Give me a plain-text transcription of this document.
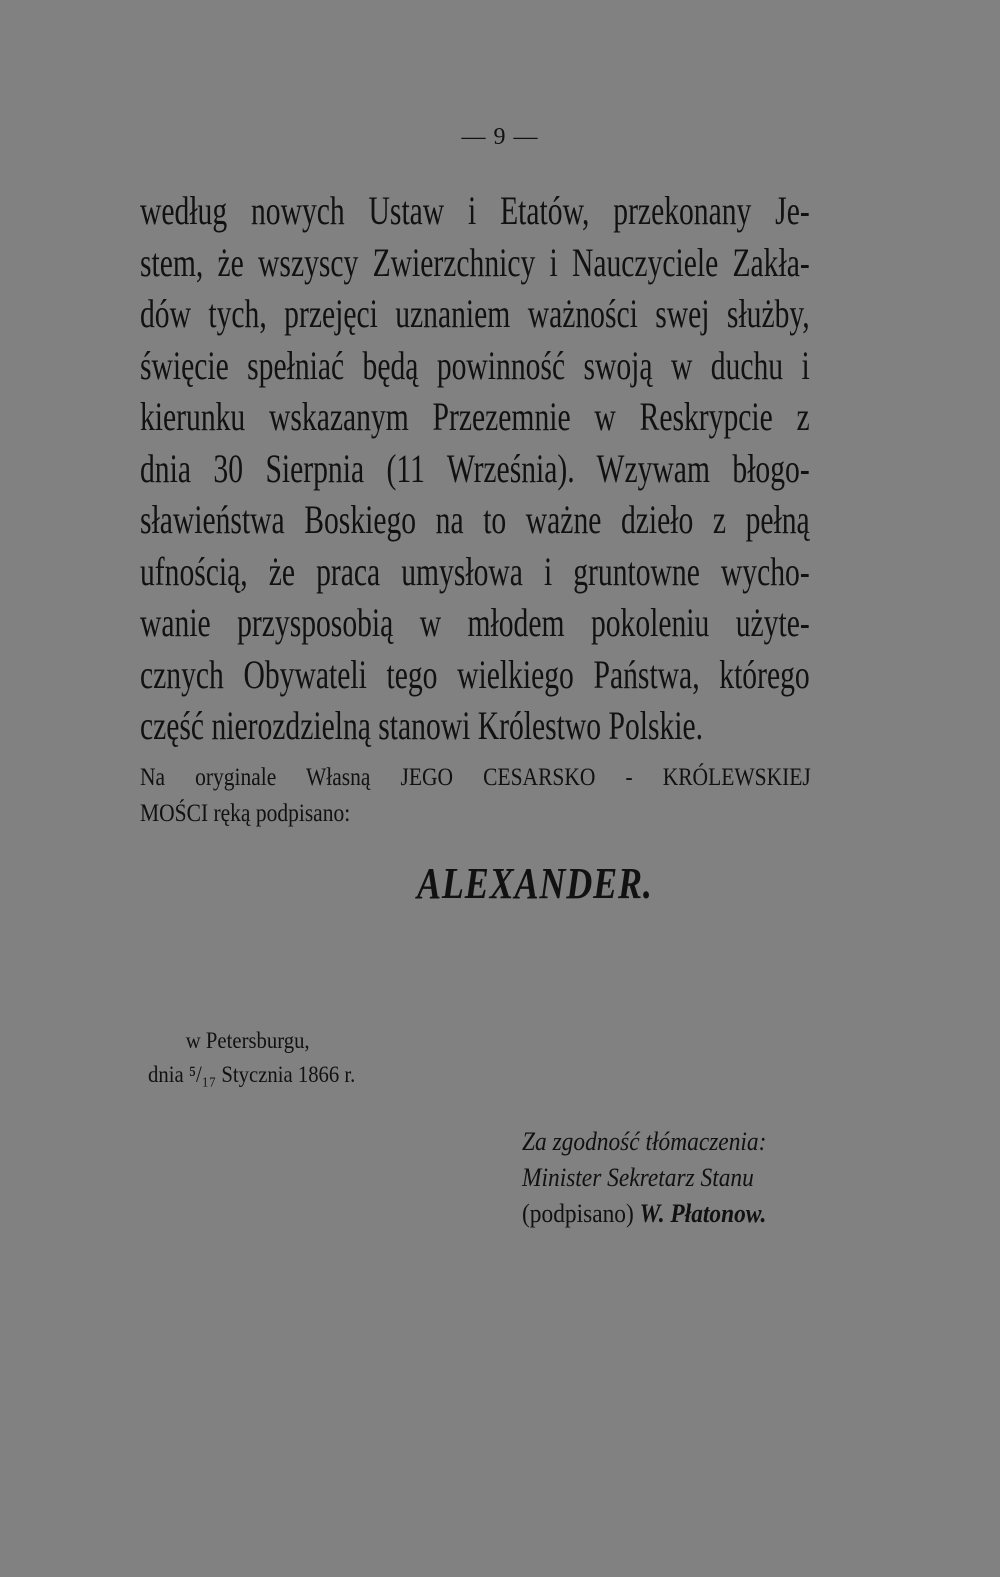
— 9 —
według nowych Ustaw i Etatów, przekonany Je-
stem, że wszyscy Zwierzchnicy i Nauczyciele Zakła-
dów tych, przejęci uznaniem ważności swej służby,
święcie spełniać będą powinność swoją w duchu i
kierunku wskazanym Przezemnie w Reskrypcie z
dnia 30 Sierpnia (11 Września). Wzywam błogo-
sławieństwa Boskiego na to ważne dzieło z pełną
ufnością, że praca umysłowa i gruntowne wycho-
wanie przysposobią w młodem pokoleniu użyte-
cznych Obywateli tego wielkiego Państwa, którego
część nierozdzielną stanowi Królestwo Polskie.
Na oryginale Własną JEGO CESARSKO - KRÓLEWSKIEJ
MOŚCI ręką podpisano:
ALEXANDER.
w Petersburgu,
dnia ⁵/₁₇ Stycznia 1866 r.
Za zgodność tłómaczenia:
Minister Sekretarz Stanu
(podpisano) W. Płatonow.
